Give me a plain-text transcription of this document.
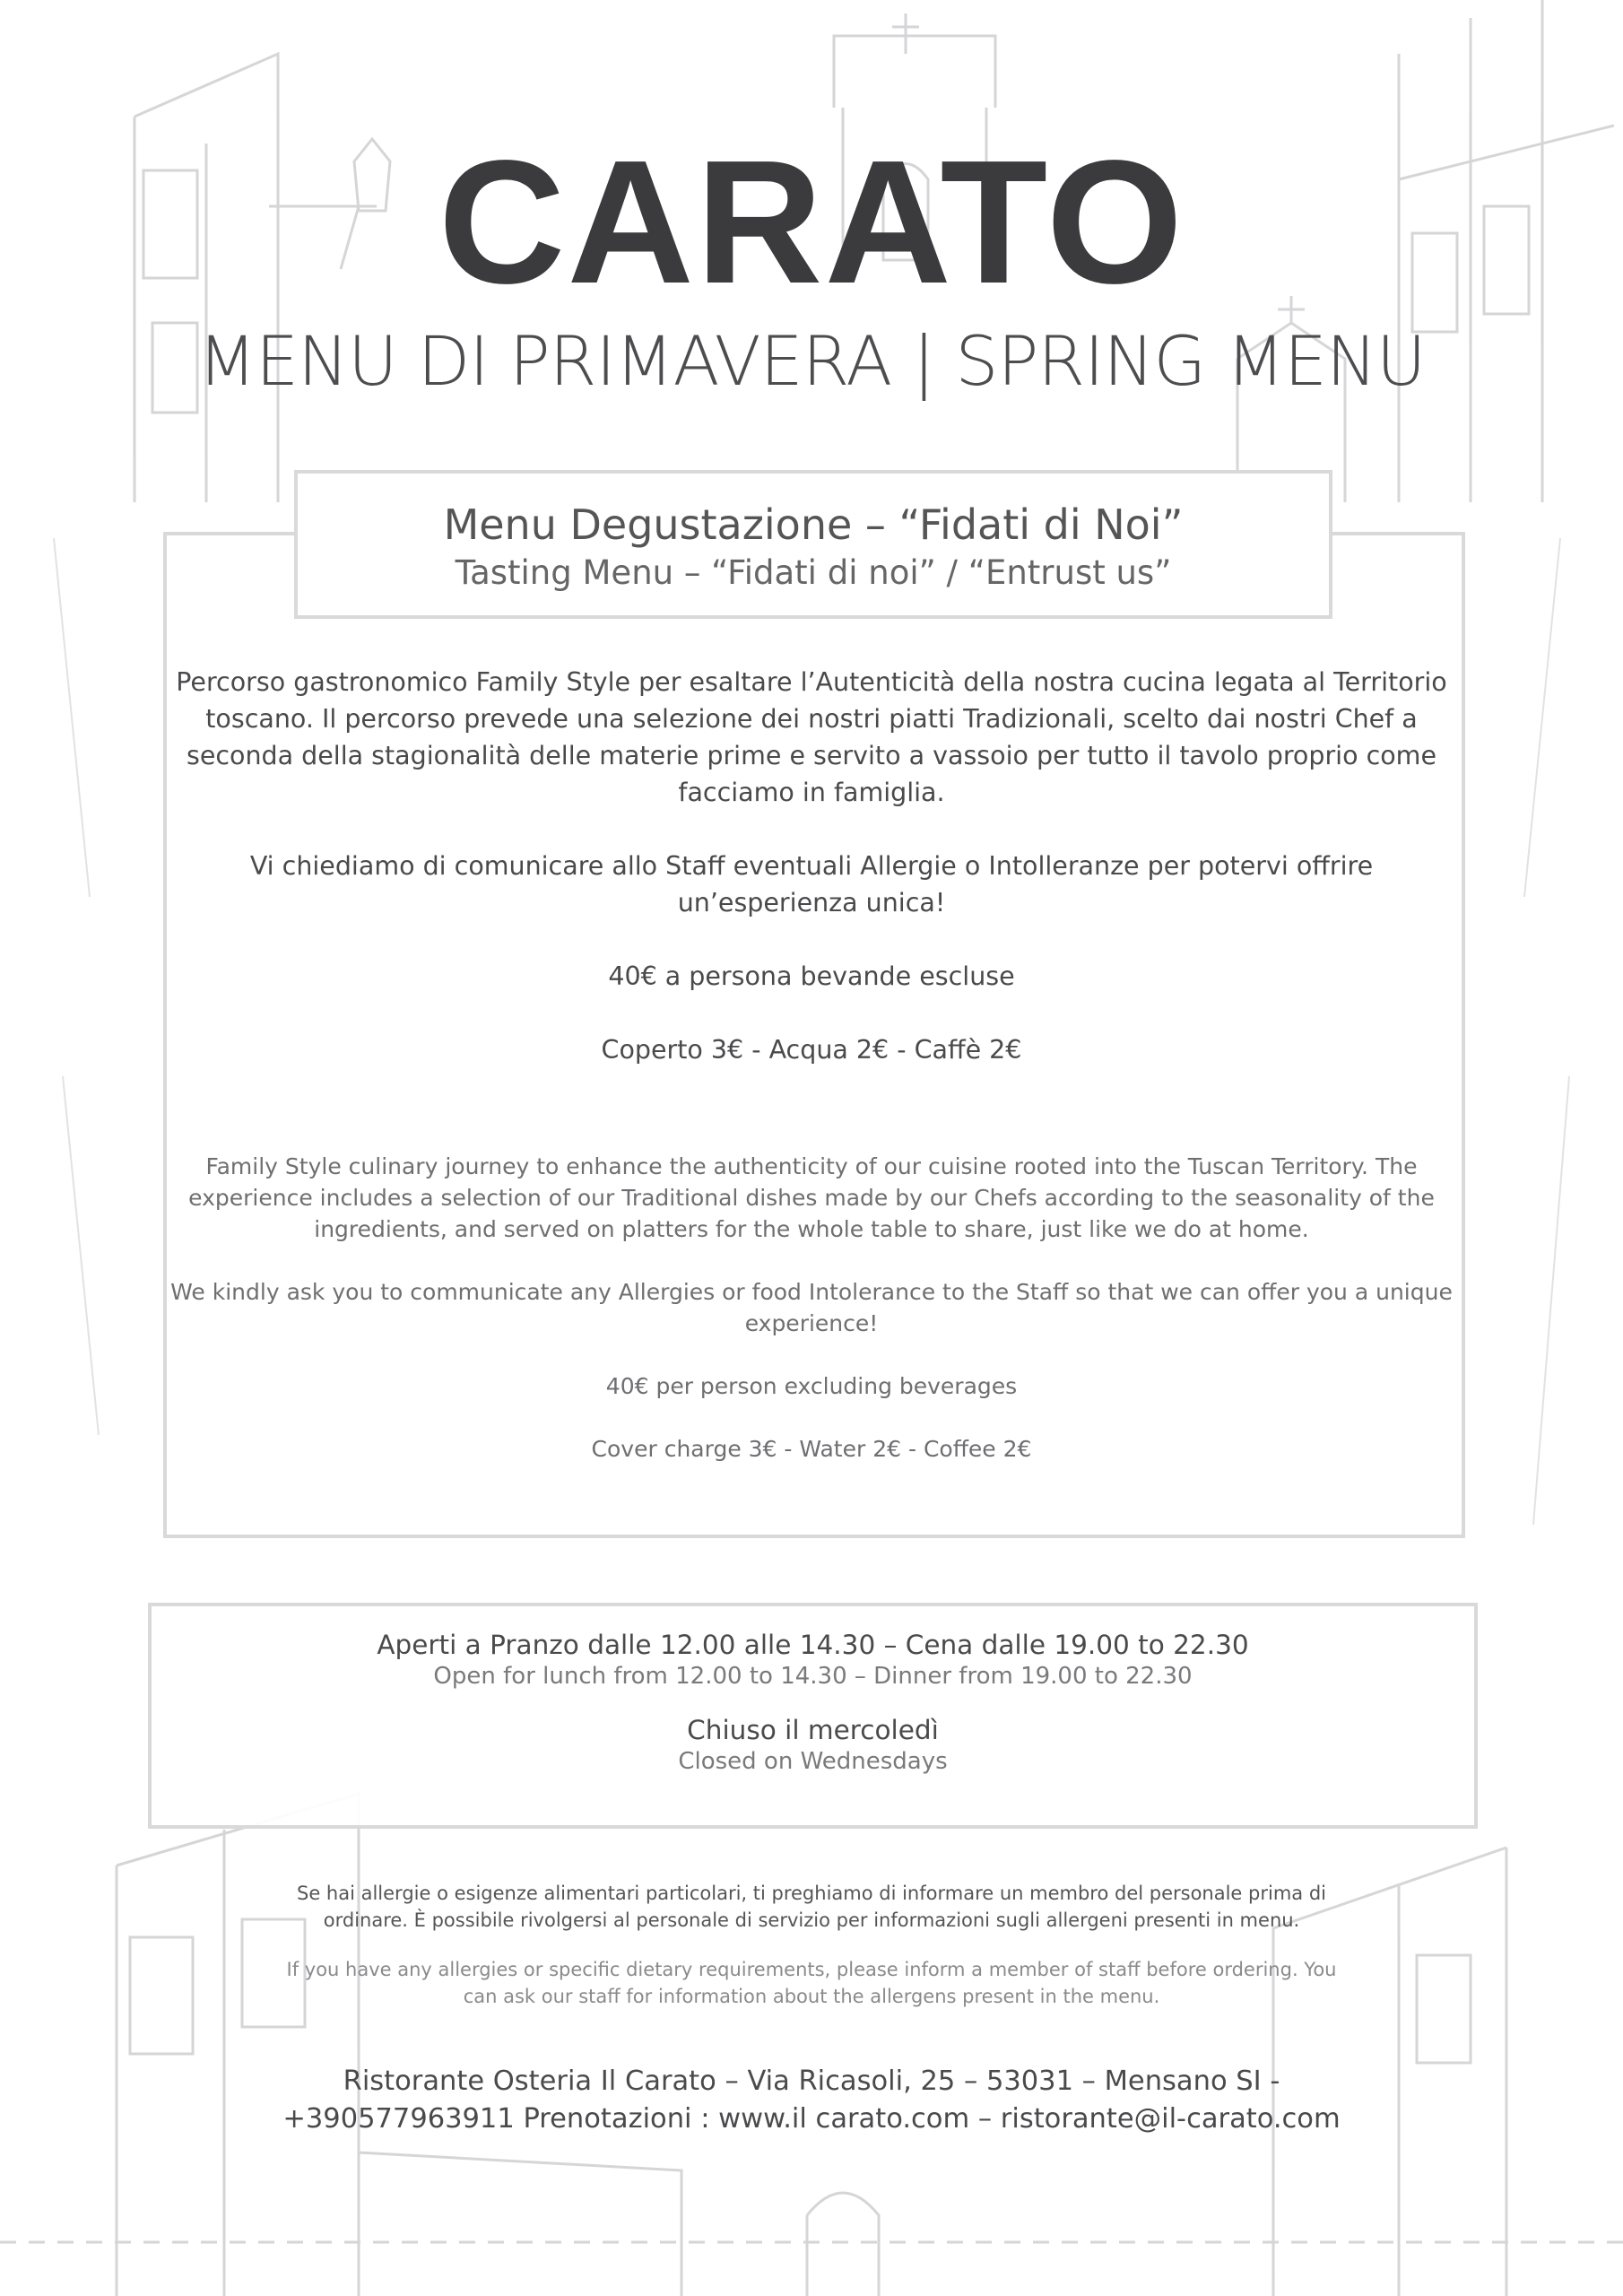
CARATO
MENU DI PRIMAVERA | SPRING MENU
Menu Degustazione – “Fidati di Noi”
Tasting Menu – “Fidati di noi” / “Entrust us”

Percorso gastronomico Family Style per esaltare l’Autenticità della nostra cucina legata al Territorio toscano. Il percorso prevede una selezione dei nostri piatti Tradizionali, scelto dai nostri Chef a seconda della stagionalità delle materie prime e servito a vassoio per tutto il tavolo proprio come facciamo in famiglia.

Vi chiediamo di comunicare allo Staff eventuali Allergie o Intolleranze per potervi offrire un’esperienza unica!

40€ a persona bevande escluse

Coperto 3€ - Acqua 2€ - Caffè 2€

Family Style culinary journey to enhance the authenticity of our cuisine rooted into the Tuscan Territory. The experience includes a selection of our Traditional dishes made by our Chefs according to the seasonality of the ingredients, and served on platters for the whole table to share, just like we do at home.

We kindly ask you to communicate any Allergies or food Intolerance to the Staff so that we can offer you a unique experience!

40€ per person excluding beverages

Cover charge 3€ - Water 2€ - Coffee 2€

Aperti a Pranzo dalle 12.00 alle 14.30 – Cena dalle 19.00 to 22.30
Open for lunch from 12.00 to 14.30 – Dinner from 19.00 to 22.30
Chiuso il mercoledì
Closed on Wednesdays
Se hai allergie o esigenze alimentari particolari, ti preghiamo di informare un membro del personale prima di ordinare. È possibile rivolgersi al personale di servizio per informazioni sugli allergeni presenti in menu.
If you have any allergies or specific dietary requirements, please inform a member of staff before ordering. You can ask our staff for information about the allergens present in the menu.
Ristorante Osteria Il Carato – Via Ricasoli, 25 – 53031 – Mensano SI -
+390577963911 Prenotazioni : www.il carato.com – ristorante@il-carato.com
